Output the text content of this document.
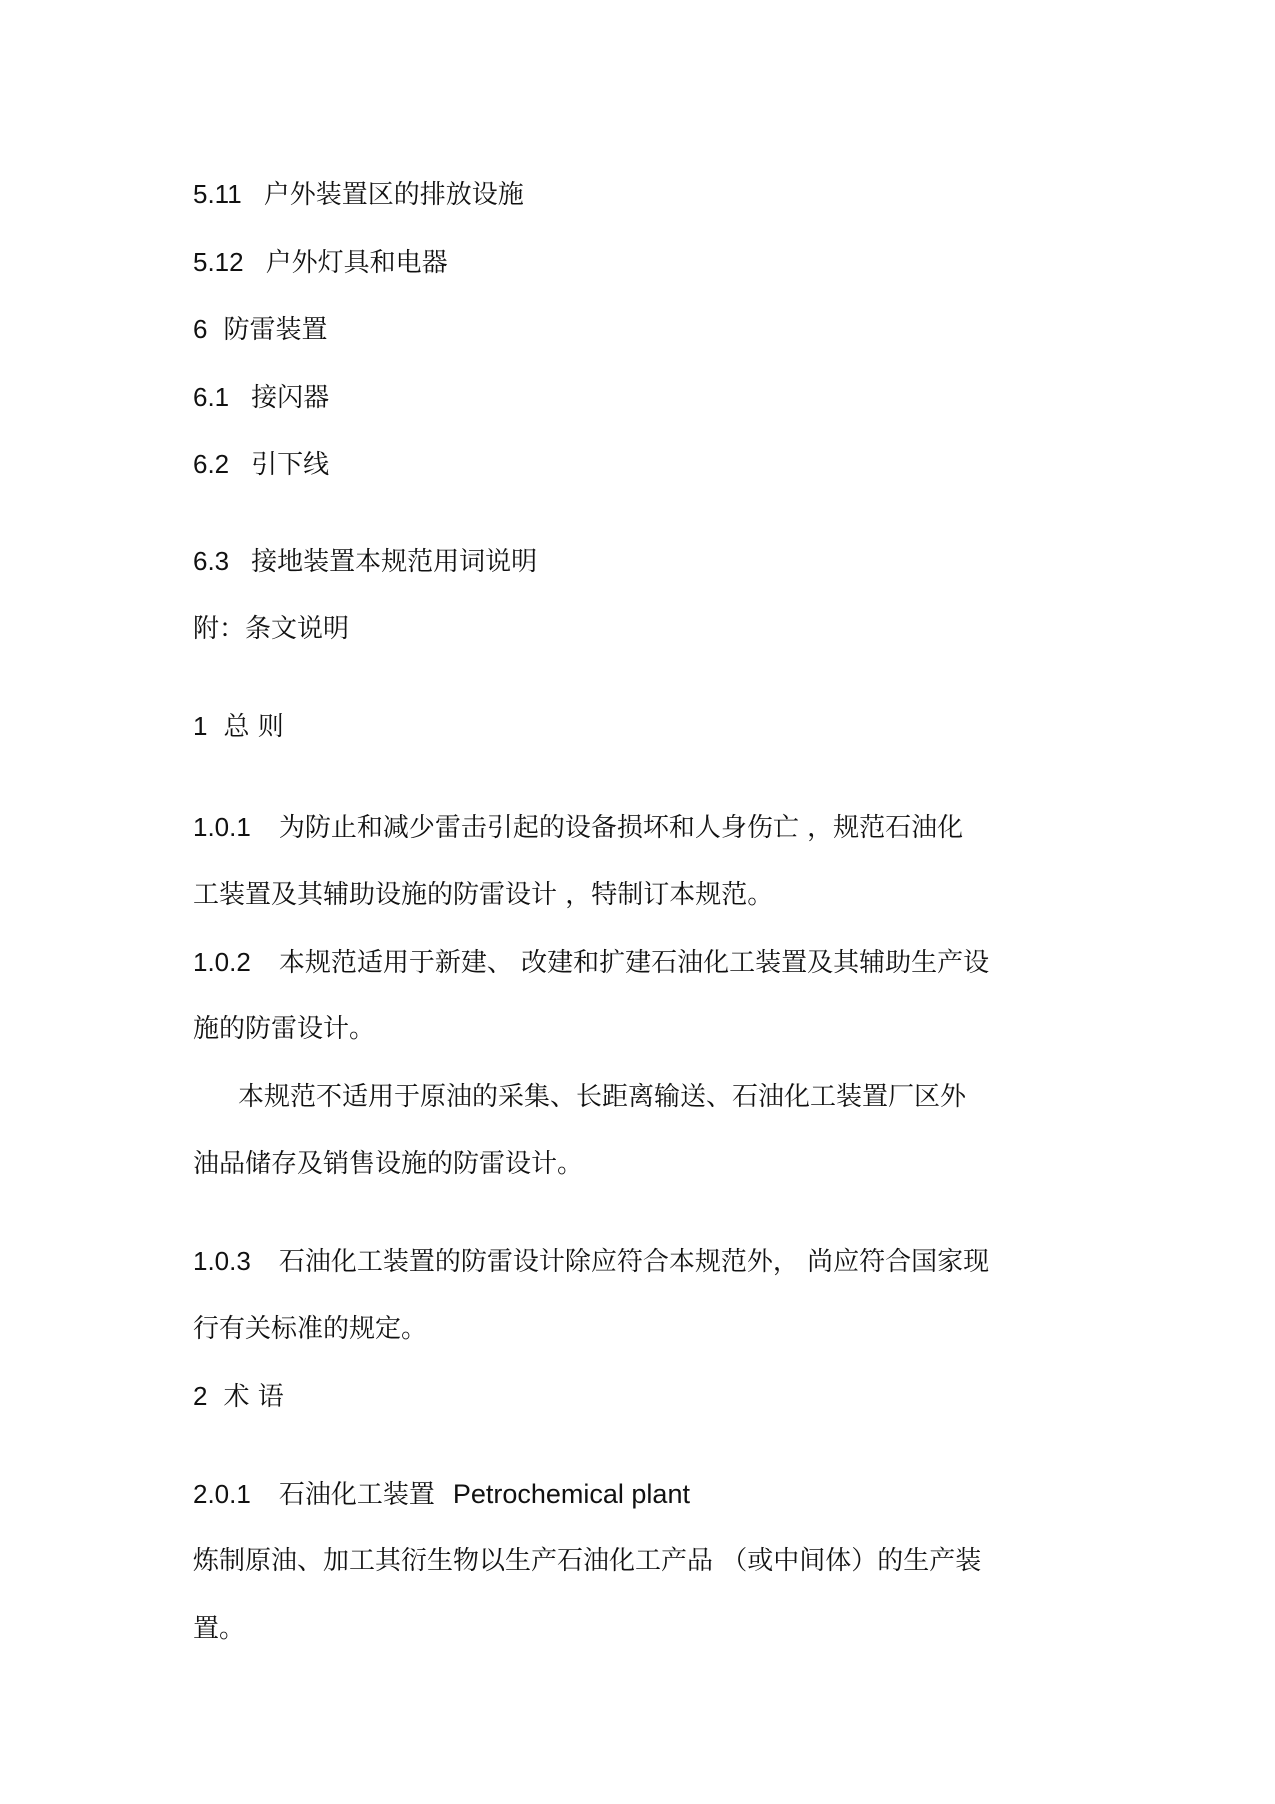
5.11 户外装置区的排放设施
5.12 户外灯具和电器
6 防雷装置
6.1 接闪器
6.2 引下线
6.3 接地装置本规范用词说明
附：条文说明
1 总 则
1.0.1 为防止和减少雷击引起的设备损坏和人身伤亡 ，规范石油化
工装置及其辅助设施的防雷设计 ，特制订本规范。
1.0.2 本规范适用于新建、 改建和扩建石油化工装置及其辅助生产设
施的防雷设计。
本规范不适用于原油的采集、长距离输送、石油化工装置厂区外
油品储存及销售设施的防雷设计。
1.0.3 石油化工装置的防雷设计除应符合本规范外， 尚应符合国家现
行有关标准的规定。
2 术 语
2.0.1 石油化工装置 Petrochemical plant
炼制原油、加工其衍生物以生产石油化工产品 （或中间体）的生产装
置。
